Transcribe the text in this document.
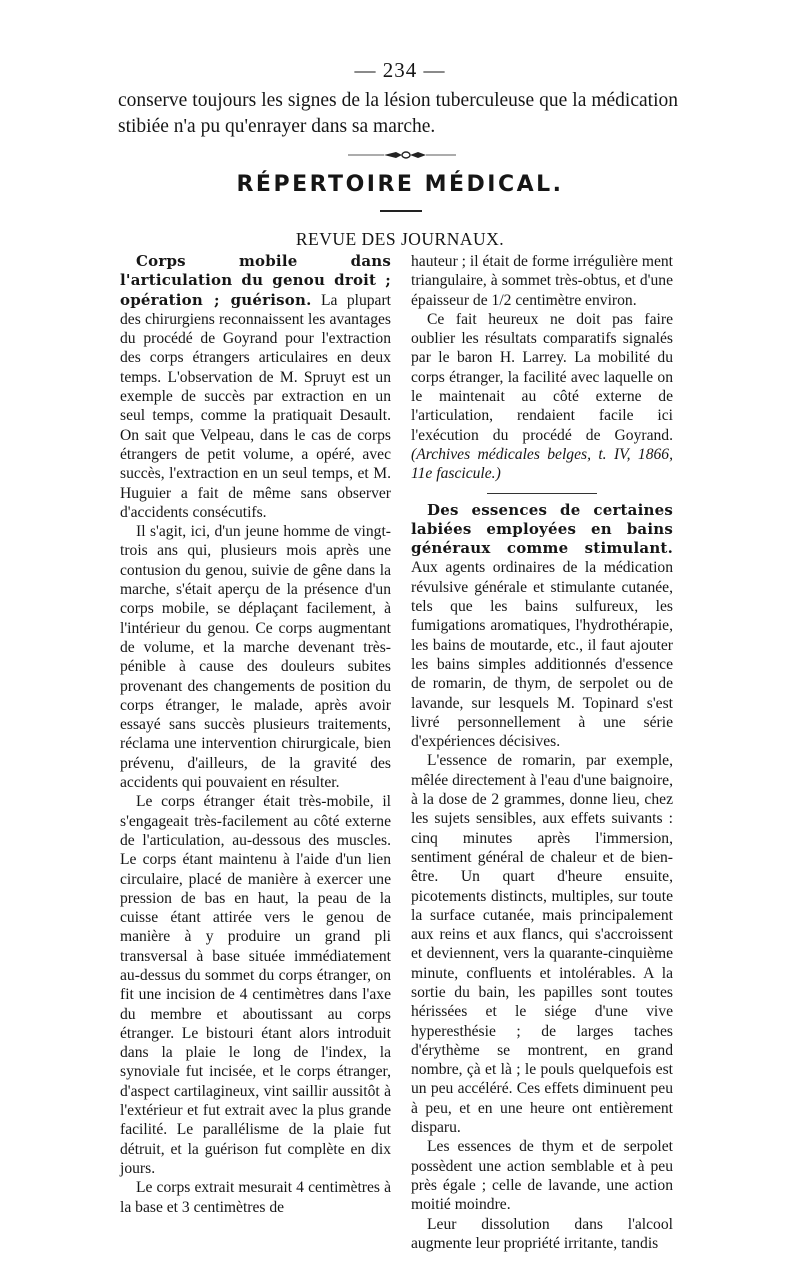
— 234 —
conserve toujours les signes de la lésion tuberculeuse que la médication stibiée n'a pu qu'enrayer dans sa marche.
RÉPERTOIRE MÉDICAL.
REVUE DES JOURNAUX.

Corps mobile dans l'articulation du genou droit ; opération ; guérison. La plupart des chirurgiens reconnaissent les avantages du procédé de Goyrand pour l'extraction des corps étrangers articulaires en deux temps. L'observation de M. Spruyt est un exemple de succès par extraction en un seul temps, comme la pratiquait Desault. On sait que Velpeau, dans le cas de corps étrangers de petit volume, a opéré, avec succès, l'extraction en un seul temps, et M. Huguier a fait de même sans observer d'accidents consécutifs.

Il s'agit, ici, d'un jeune homme de vingt-trois ans qui, plusieurs mois après une contusion du genou, suivie de gêne dans la marche, s'était aperçu de la présence d'un corps mobile, se déplaçant facilement, à l'intérieur du genou. Ce corps augmentant de volume, et la marche devenant très-pénible à cause des douleurs subites provenant des changements de position du corps étranger, le malade, après avoir essayé sans succès plusieurs traitements, réclama une intervention chirurgicale, bien prévenu, d'ailleurs, de la gravité des accidents qui pouvaient en résulter.

Le corps étranger était très-mobile, il s'engageait très-facilement au côté externe de l'articulation, au-dessous des muscles. Le corps étant maintenu à l'aide d'un lien circulaire, placé de manière à exercer une pression de bas en haut, la peau de la cuisse étant attirée vers le genou de manière à y produire un grand pli transversal à base située immédiatement au-dessus du sommet du corps étranger, on fit une incision de 4 centimètres dans l'axe du membre et aboutissant au corps étranger. Le bistouri étant alors introduit dans la plaie le long de l'index, la synoviale fut incisée, et le corps étranger, d'aspect cartilagineux, vint saillir aussitôt à l'extérieur et fut extrait avec la plus grande facilité. Le parallélisme de la plaie fut détruit, et la guérison fut complète en dix jours.

Le corps extrait mesurait 4 centimètres à la base et 3 centimètres de

hauteur ; il était de forme irrégulière ment triangulaire, à sommet très-obtus, et d'une épaisseur de 1/2 centimètre environ.

Ce fait heureux ne doit pas faire oublier les résultats comparatifs signalés par le baron H. Larrey. La mobilité du corps étranger, la facilité avec laquelle on le maintenait au côté externe de l'articulation, rendaient facile ici l'exécution du procédé de Goyrand. (Archives médicales belges, t. IV, 1866, 11e fascicule.)

Des essences de certaines labiées employées en bains généraux comme stimulant. Aux agents ordinaires de la médication révulsive générale et stimulante cutanée, tels que les bains sulfureux, les fumigations aromatiques, l'hydrothérapie, les bains de moutarde, etc., il faut ajouter les bains simples additionnés d'essence de romarin, de thym, de serpolet ou de lavande, sur lesquels M. Topinard s'est livré personnellement à une série d'expériences décisives.

L'essence de romarin, par exemple, mêlée directement à l'eau d'une baignoire, à la dose de 2 grammes, donne lieu, chez les sujets sensibles, aux effets suivants : cinq minutes après l'immersion, sentiment général de chaleur et de bien-être. Un quart d'heure ensuite, picotements distincts, multiples, sur toute la surface cutanée, mais principalement aux reins et aux flancs, qui s'accroissent et deviennent, vers la quarante-cinquième minute, confluents et intolérables. A la sortie du bain, les papilles sont toutes hérissées et le siége d'une vive hyperesthésie ; de larges taches d'érythème se montrent, en grand nombre, çà et là ; le pouls quelquefois est un peu accéléré. Ces effets diminuent peu à peu, et en une heure ont entièrement disparu.

Les essences de thym et de serpolet possèdent une action semblable et à peu près égale ; celle de lavande, une action moitié moindre.

Leur dissolution dans l'alcool augmente leur propriété irritante, tandis
